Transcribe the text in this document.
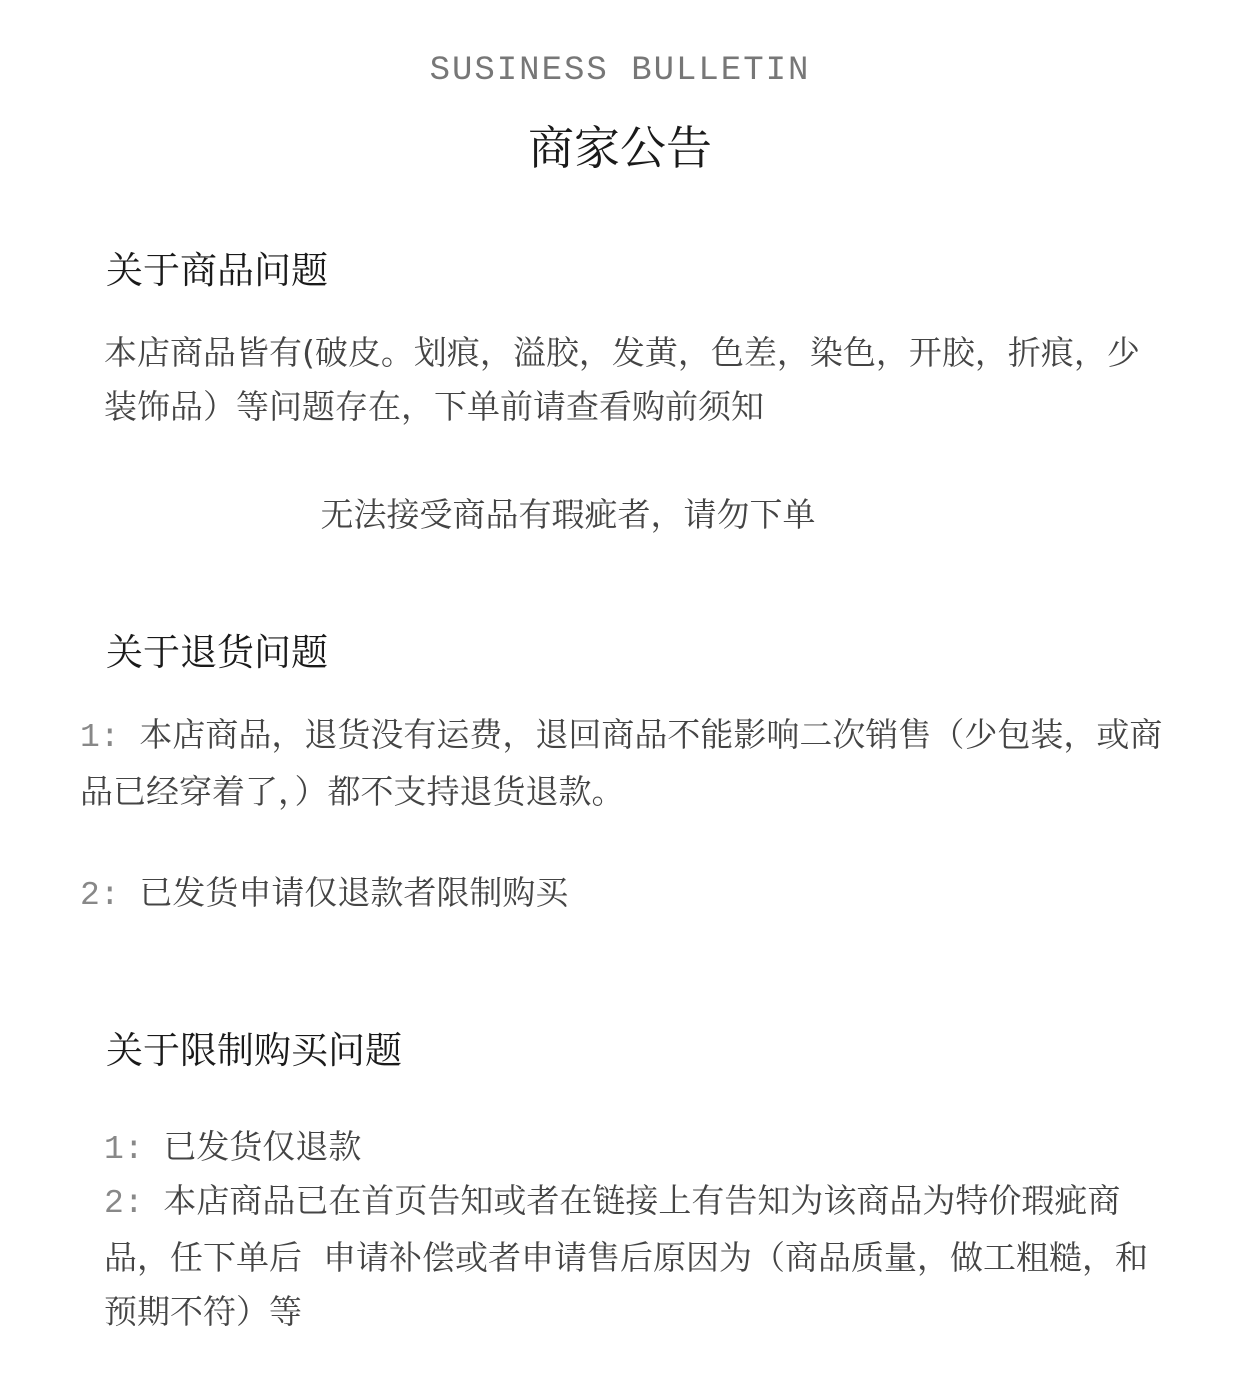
SUSINESS BULLETIN
商家公告
关于商品问题
本店商品皆有(破皮。划痕，溢胶，发黄，色差，染色，开胶，折痕，少装饰品）等问题存在，下单前请查看购前须知
无法接受商品有瑕疵者，请勿下单
关于退货问题
1: 本店商品，退货没有运费，退回商品不能影响二次销售（少包装，或商品已经穿着了，）都不支持退货退款。
2: 已发货申请仅退款者限制购买
关于限制购买问题
1: 已发货仅退款
2: 本店商品已在首页告知或者在链接上有告知为该商品为特价瑕疵商品，任下单后  申请补偿或者申请售后原因为（商品质量，做工粗糙，和预期不符）等
